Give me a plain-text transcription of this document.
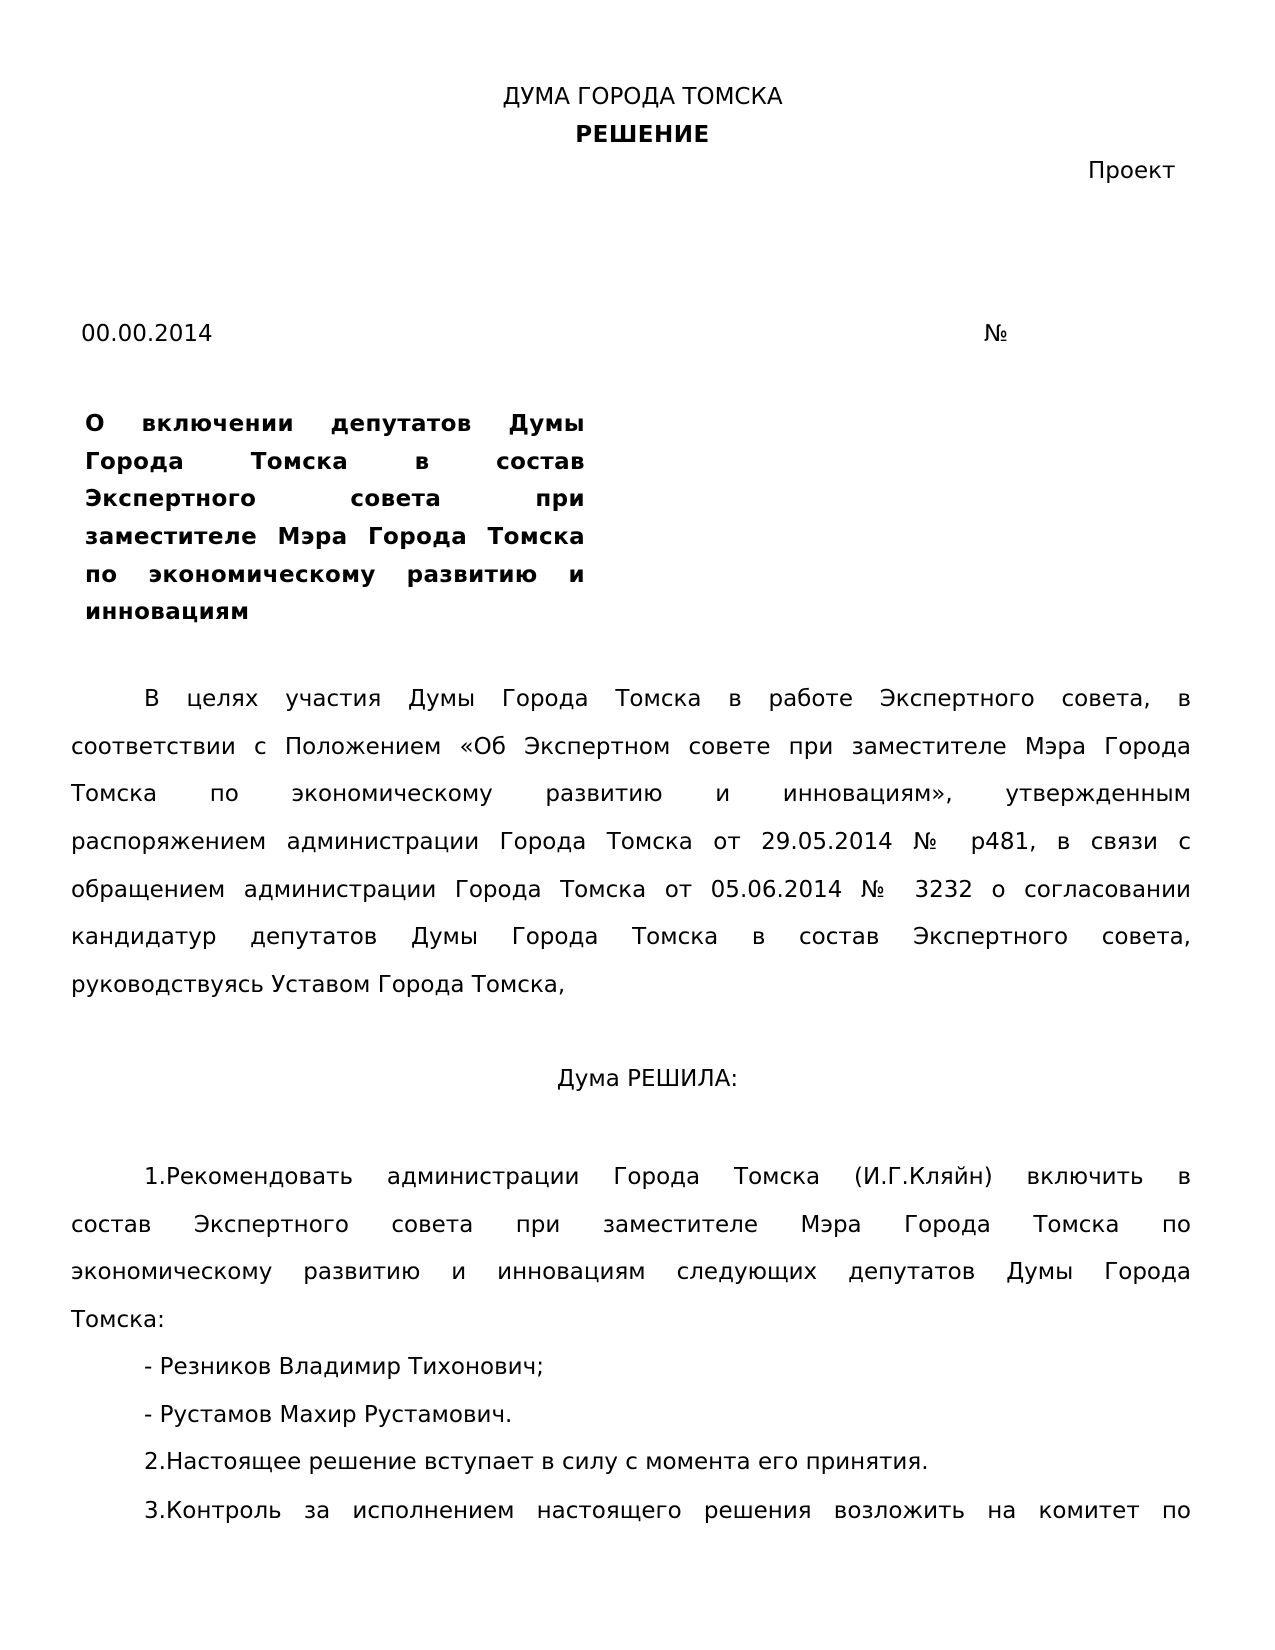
ДУМА ГОРОДА ТОМСКА
РЕШЕНИЕ
Проект
00.00.2014	№
О включении депутатов Думы
Города Томска в состав
Экспертного совета при
заместителе Мэра Города Томска
по экономическому развитию и
инновациям
В целях участия Думы Города Томска в работе Экспертного совета, в
соответствии с Положением «Об Экспертном совете при заместителе Мэра Города
Томска по экономическому развитию и инновациям», утвержденным
распоряжением администрации Города Томска от 29.05.2014 № р481, в связи с
обращением администрации Города Томска от 05.06.2014 № 3232 о согласовании
кандидатур депутатов Думы Города Томска в состав Экспертного совета,
руководствуясь Уставом Города Томска,
Дума РЕШИЛА:
1.Рекомендовать администрации Города Томска (И.Г.Кляйн) включить в
состав Экспертного совета при заместителе Мэра Города Томска по
экономическому развитию и инновациям следующих депутатов Думы Города
Томска:
- Резников Владимир Тихонович;
- Рустамов Махир Рустамович.
2.Настоящее решение вступает в силу с момента его принятия.
3.Контроль за исполнением настоящего решения возложить на комитет по
